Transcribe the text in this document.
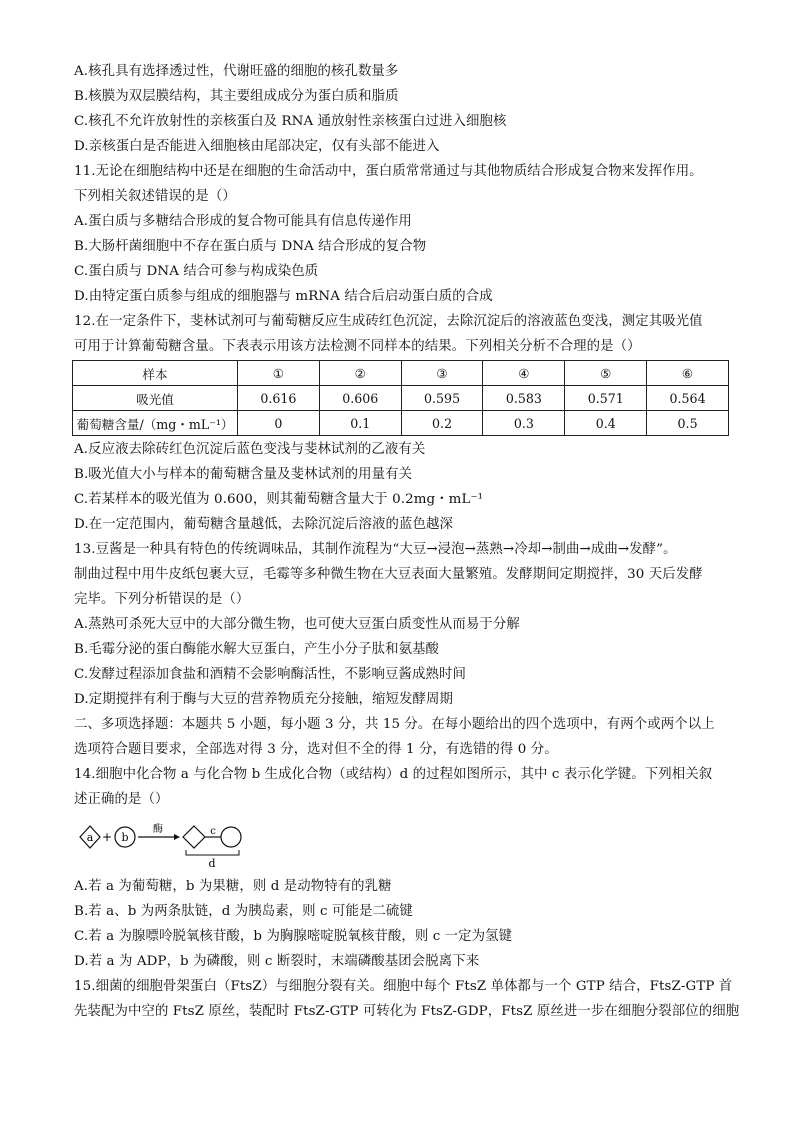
A.核孔具有选择透过性，代谢旺盛的细胞的核孔数量多
B.核膜为双层膜结构，其主要组成成分为蛋白质和脂质
C.核孔不允许放射性的亲核蛋白及 RNA 通放射性亲核蛋白过进入细胞核
D.亲核蛋白是否能进入细胞核由尾部决定，仅有头部不能进入
11.无论在细胞结构中还是在细胞的生命活动中，蛋白质常常通过与其他物质结合形成复合物来发挥作用。
下列相关叙述错误的是（）
A.蛋白质与多糖结合形成的复合物可能具有信息传递作用
B.大肠杆菌细胞中不存在蛋白质与 DNA 结合形成的复合物
C.蛋白质与 DNA 结合可参与构成染色质
D.由特定蛋白质参与组成的细胞器与 mRNA 结合后启动蛋白质的合成
12.在一定条件下，斐林试剂可与葡萄糖反应生成砖红色沉淀，去除沉淀后的溶液蓝色变浅，测定其吸光值
可用于计算葡萄糖含量。下表表示用该方法检测不同样本的结果。下列相关分析不合理的是（）
样本	①	②	③	④	⑤	⑥
吸光值	0.616	0.606	0.595	0.583	0.571	0.564
葡萄糖含量/（mg・mL⁻¹）	0	0.1	0.2	0.3	0.4	0.5
A.反应液去除砖红色沉淀后蓝色变浅与斐林试剂的乙液有关
B.吸光值大小与样本的葡萄糖含量及斐林试剂的用量有关
C.若某样本的吸光值为 0.600，则其葡萄糖含量大于 0.2mg・mL⁻¹
D.在一定范围内，葡萄糖含量越低，去除沉淀后溶液的蓝色越深
13.豆酱是一种具有特色的传统调味品，其制作流程为“大豆→浸泡→蒸熟→冷却→制曲→成曲→发酵”。
制曲过程中用牛皮纸包裹大豆，毛霉等多种微生物在大豆表面大量繁殖。发酵期间定期搅拌，30 天后发酵
完毕。下列分析错误的是（）
A.蒸熟可杀死大豆中的大部分微生物，也可使大豆蛋白质变性从而易于分解
B.毛霉分泌的蛋白酶能水解大豆蛋白，产生小分子肽和氨基酸
C.发酵过程添加食盐和酒精不会影响酶活性，不影响豆酱成熟时间
D.定期搅拌有利于酶与大豆的营养物质充分接触，缩短发酵周期
二、多项选择题：本题共 5 小题，每小题 3 分，共 15 分。在每小题给出的四个选项中，有两个或两个以上
选项符合题目要求，全部选对得 3 分，选对但不全的得 1 分，有选错的得 0 分。
14.细胞中化合物 a 与化合物 b 生成化合物（或结构）d 的过程如图所示，其中 c 表示化学键。下列相关叙
述正确的是（）
a + b
酶	c
d
A.若 a 为葡萄糖，b 为果糖，则 d 是动物特有的乳糖
B.若 a、b 为两条肽链，d 为胰岛素，则 c 可能是二硫键
C.若 a 为腺嘌呤脱氧核苷酸，b 为胸腺嘧啶脱氧核苷酸，则 c 一定为氢键
D.若 a 为 ADP，b 为磷酸，则 c 断裂时，末端磷酸基团会脱离下来
15.细菌的细胞骨架蛋白（FtsZ）与细胞分裂有关。细胞中每个 FtsZ 单体都与一个 GTP 结合，FtsZ-GTP 首
先装配为中空的 FtsZ 原丝，装配时 FtsZ-GTP 可转化为 FtsZ-GDP，FtsZ 原丝进一步在细胞分裂部位的细胞
